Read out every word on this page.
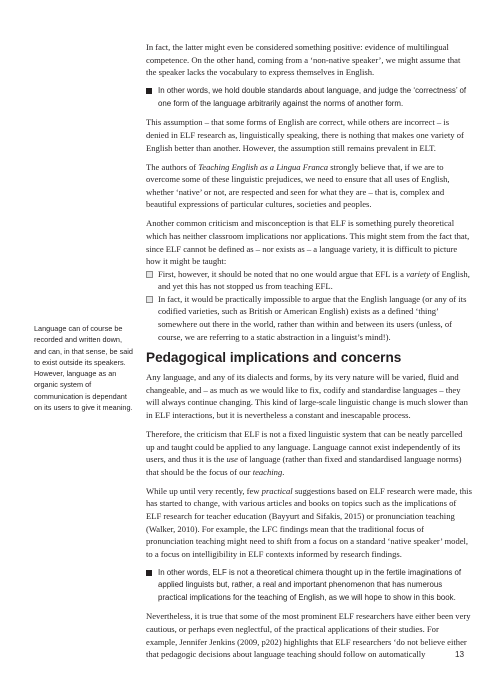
In fact, the latter might even be considered something positive: evidence of multilingual competence. On the other hand, coming from a ‘non-native speaker’, we might assume that the speaker lacks the vocabulary to express themselves in English.

In other words, we hold double standards about language, and judge the ‘correctness’ of one form of the language arbitrarily against the norms of another form.

This assumption – that some forms of English are correct, while others are incorrect – is denied in ELF research as, linguistically speaking, there is nothing that makes one variety of English better than another. However, the assumption still remains prevalent in ELT.

The authors of Teaching English as a Lingua Franca strongly believe that, if we are to overcome some of these linguistic prejudices, we need to ensure that all uses of English, whether ‘native’ or not, are respected and seen for what they are – that is, complex and beautiful expressions of particular cultures, societies and peoples.

Another common criticism and misconception is that ELF is something purely theoretical which has neither classroom implications nor applications. This might stem from the fact that, since ELF cannot be defined as – nor exists as – a language variety, it is difficult to picture how it might be taught:

First, however, it should be noted that no one would argue that EFL is a variety of English, and yet this has not stopped us from teaching EFL.
In fact, it would be practically impossible to argue that the English language (or any of its codified varieties, such as British or American English) exists as a defined ‘thing’ somewhere out there in the world, rather than within and between its users (unless, of course, we are referring to a static abstraction in a linguist’s mind!).
Pedagogical implications and concerns

Any language, and any of its dialects and forms, by its very nature will be varied, fluid and changeable, and – as much as we would like to fix, codify and standardise languages – they will always continue changing. This kind of large-scale linguistic change is much slower than in ELF interactions, but it is nevertheless a constant and inescapable process.

Therefore, the criticism that ELF is not a fixed linguistic system that can be neatly parcelled up and taught could be applied to any language. Language cannot exist independently of its users, and thus it is the use of language (rather than fixed and standardised language norms) that should be the focus of our teaching.

While up until very recently, few practical suggestions based on ELF research were made, this has started to change, with various articles and books on topics such as the implications of ELF research for teacher education (Bayyurt and Sifakis, 2015) or pronunciation teaching (Walker, 2010). For example, the LFC findings mean that the traditional focus of pronunciation teaching might need to shift from a focus on a standard ‘native speaker’ model, to a focus on intelligibility in ELF contexts informed by research findings.

In other words, ELF is not a theoretical chimera thought up in the fertile imaginations of applied linguists but, rather, a real and important phenomenon that has numerous practical implications for the teaching of English, as we will hope to show in this book.

Nevertheless, it is true that some of the most prominent ELF researchers have either been very cautious, or perhaps even neglectful, of the practical applications of their studies. For example, Jennifer Jenkins (2009, p202) highlights that ELF researchers ‘do not believe either that pedagogic decisions about language teaching should follow on automatically

Language can of course be recorded and written down, and can, in that sense, be said to exist outside its speakers. However, language as an organic system of communication is dependant on its users to give it meaning.
13
